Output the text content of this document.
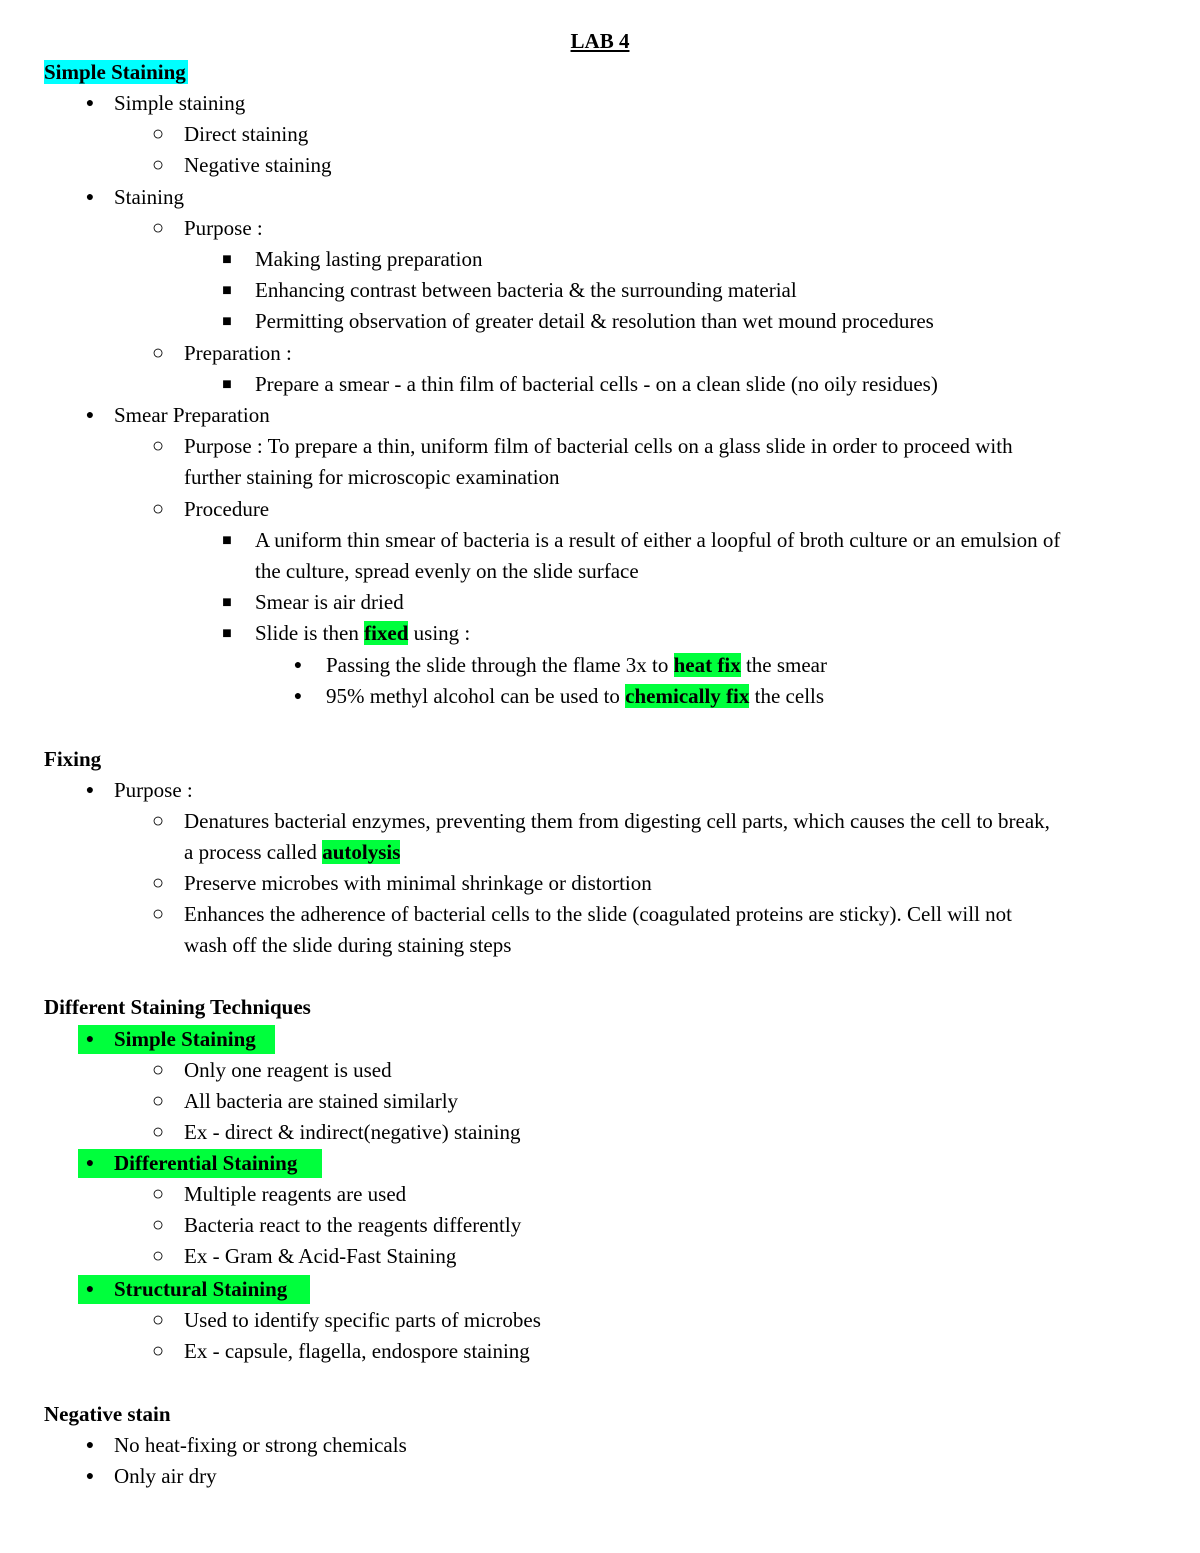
LAB 4
Simple Staining
● Simple staining
○ Direct staining
○ Negative staining
● Staining
○ Purpose :
■	Making lasting preparation
■	Enhancing contrast between bacteria & the surrounding material
■	Permitting observation of greater detail & resolution than wet mound procedures
○ Preparation :
■	Prepare a smear - a thin film of bacterial cells - on a clean slide (no oily residues)
● Smear Preparation
○ Purpose : To prepare a thin, uniform film of bacterial cells on a glass slide in order to proceed with
further staining for microscopic examination
○ Procedure
■	A uniform thin smear of bacteria is a result of either a loopful of broth culture or an emulsion of
the culture, spread evenly on the slide surface
■	Smear is air dried
■	Slide is then fixed using :
●	Passing the slide through the flame 3x to heat fix the smear
●	95% methyl alcohol can be used to chemically fix the cells
Fixing
● Purpose :
○ Denatures bacterial enzymes, preventing them from digesting cell parts, which causes the cell to break,
a process called autolysis
○ Preserve microbes with minimal shrinkage or distortion
○ Enhances the adherence of bacterial cells to the slide (coagulated proteins are sticky). Cell will not
wash off the slide during staining steps
Different Staining Techniques
● Simple Staining
○ Only one reagent is used
○ All bacteria are stained similarly
○ Ex - direct & indirect(negative) staining
● Differential Staining
○ Multiple reagents are used
○ Bacteria react to the reagents differently
○ Ex - Gram & Acid-Fast Staining
● Structural Staining
○ Used to identify specific parts of microbes
○ Ex - capsule, flagella, endospore staining
Negative stain
● No heat-fixing or strong chemicals
● Only air dry
